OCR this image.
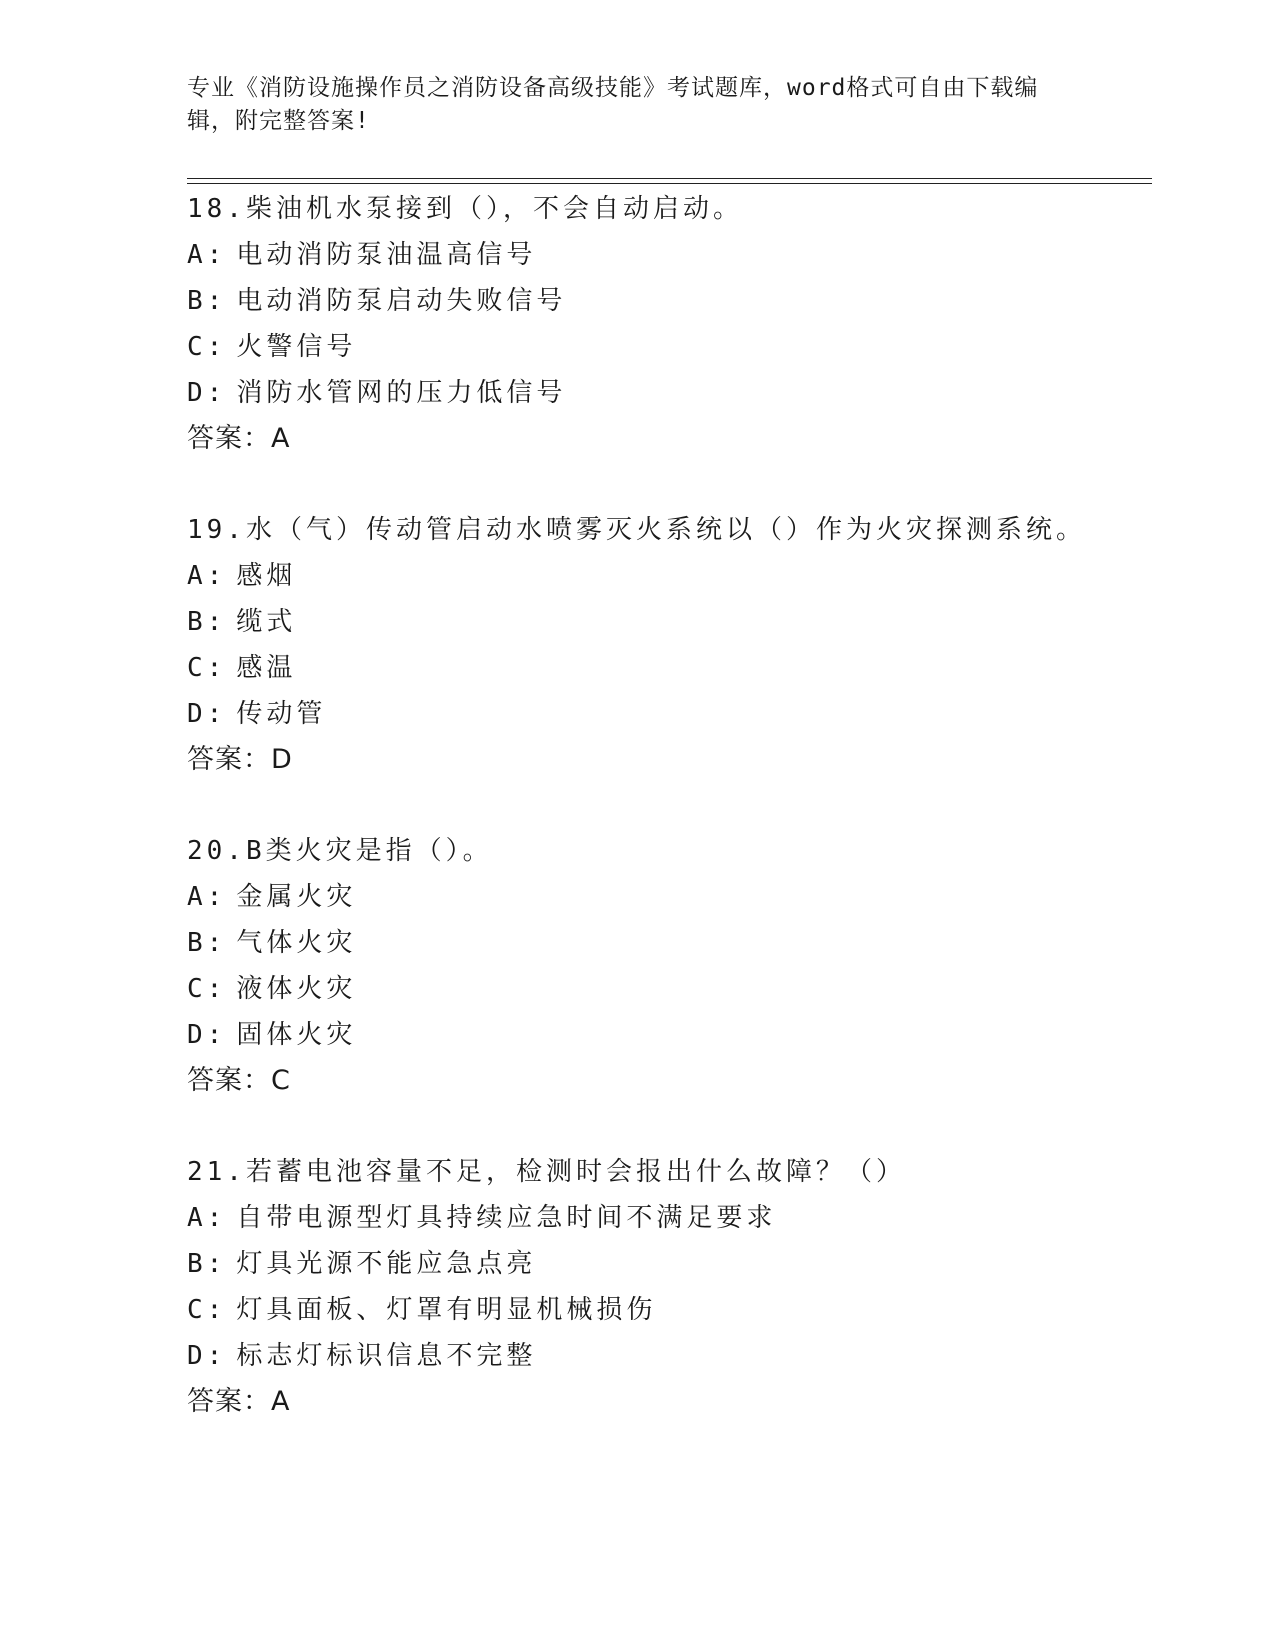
专业《消防设施操作员之消防设备高级技能》考试题库，word格式可自由下载编
辑，附完整答案!
18.柴油机水泵接到（），不会自动启动。
A: 电动消防泵油温高信号
B: 电动消防泵启动失败信号
C: 火警信号
D: 消防水管网的压力低信号
答案：A
19.水（气）传动管启动水喷雾灭火系统以（）作为火灾探测系统。
A: 感烟
B: 缆式
C: 感温
D: 传动管
答案：D
20.B类火灾是指（）。
A: 金属火灾
B: 气体火灾
C: 液体火灾
D: 固体火灾
答案：C
21.若蓄电池容量不足，检测时会报出什么故障？（）
A: 自带电源型灯具持续应急时间不满足要求
B: 灯具光源不能应急点亮
C: 灯具面板、灯罩有明显机械损伤
D: 标志灯标识信息不完整
答案：A
